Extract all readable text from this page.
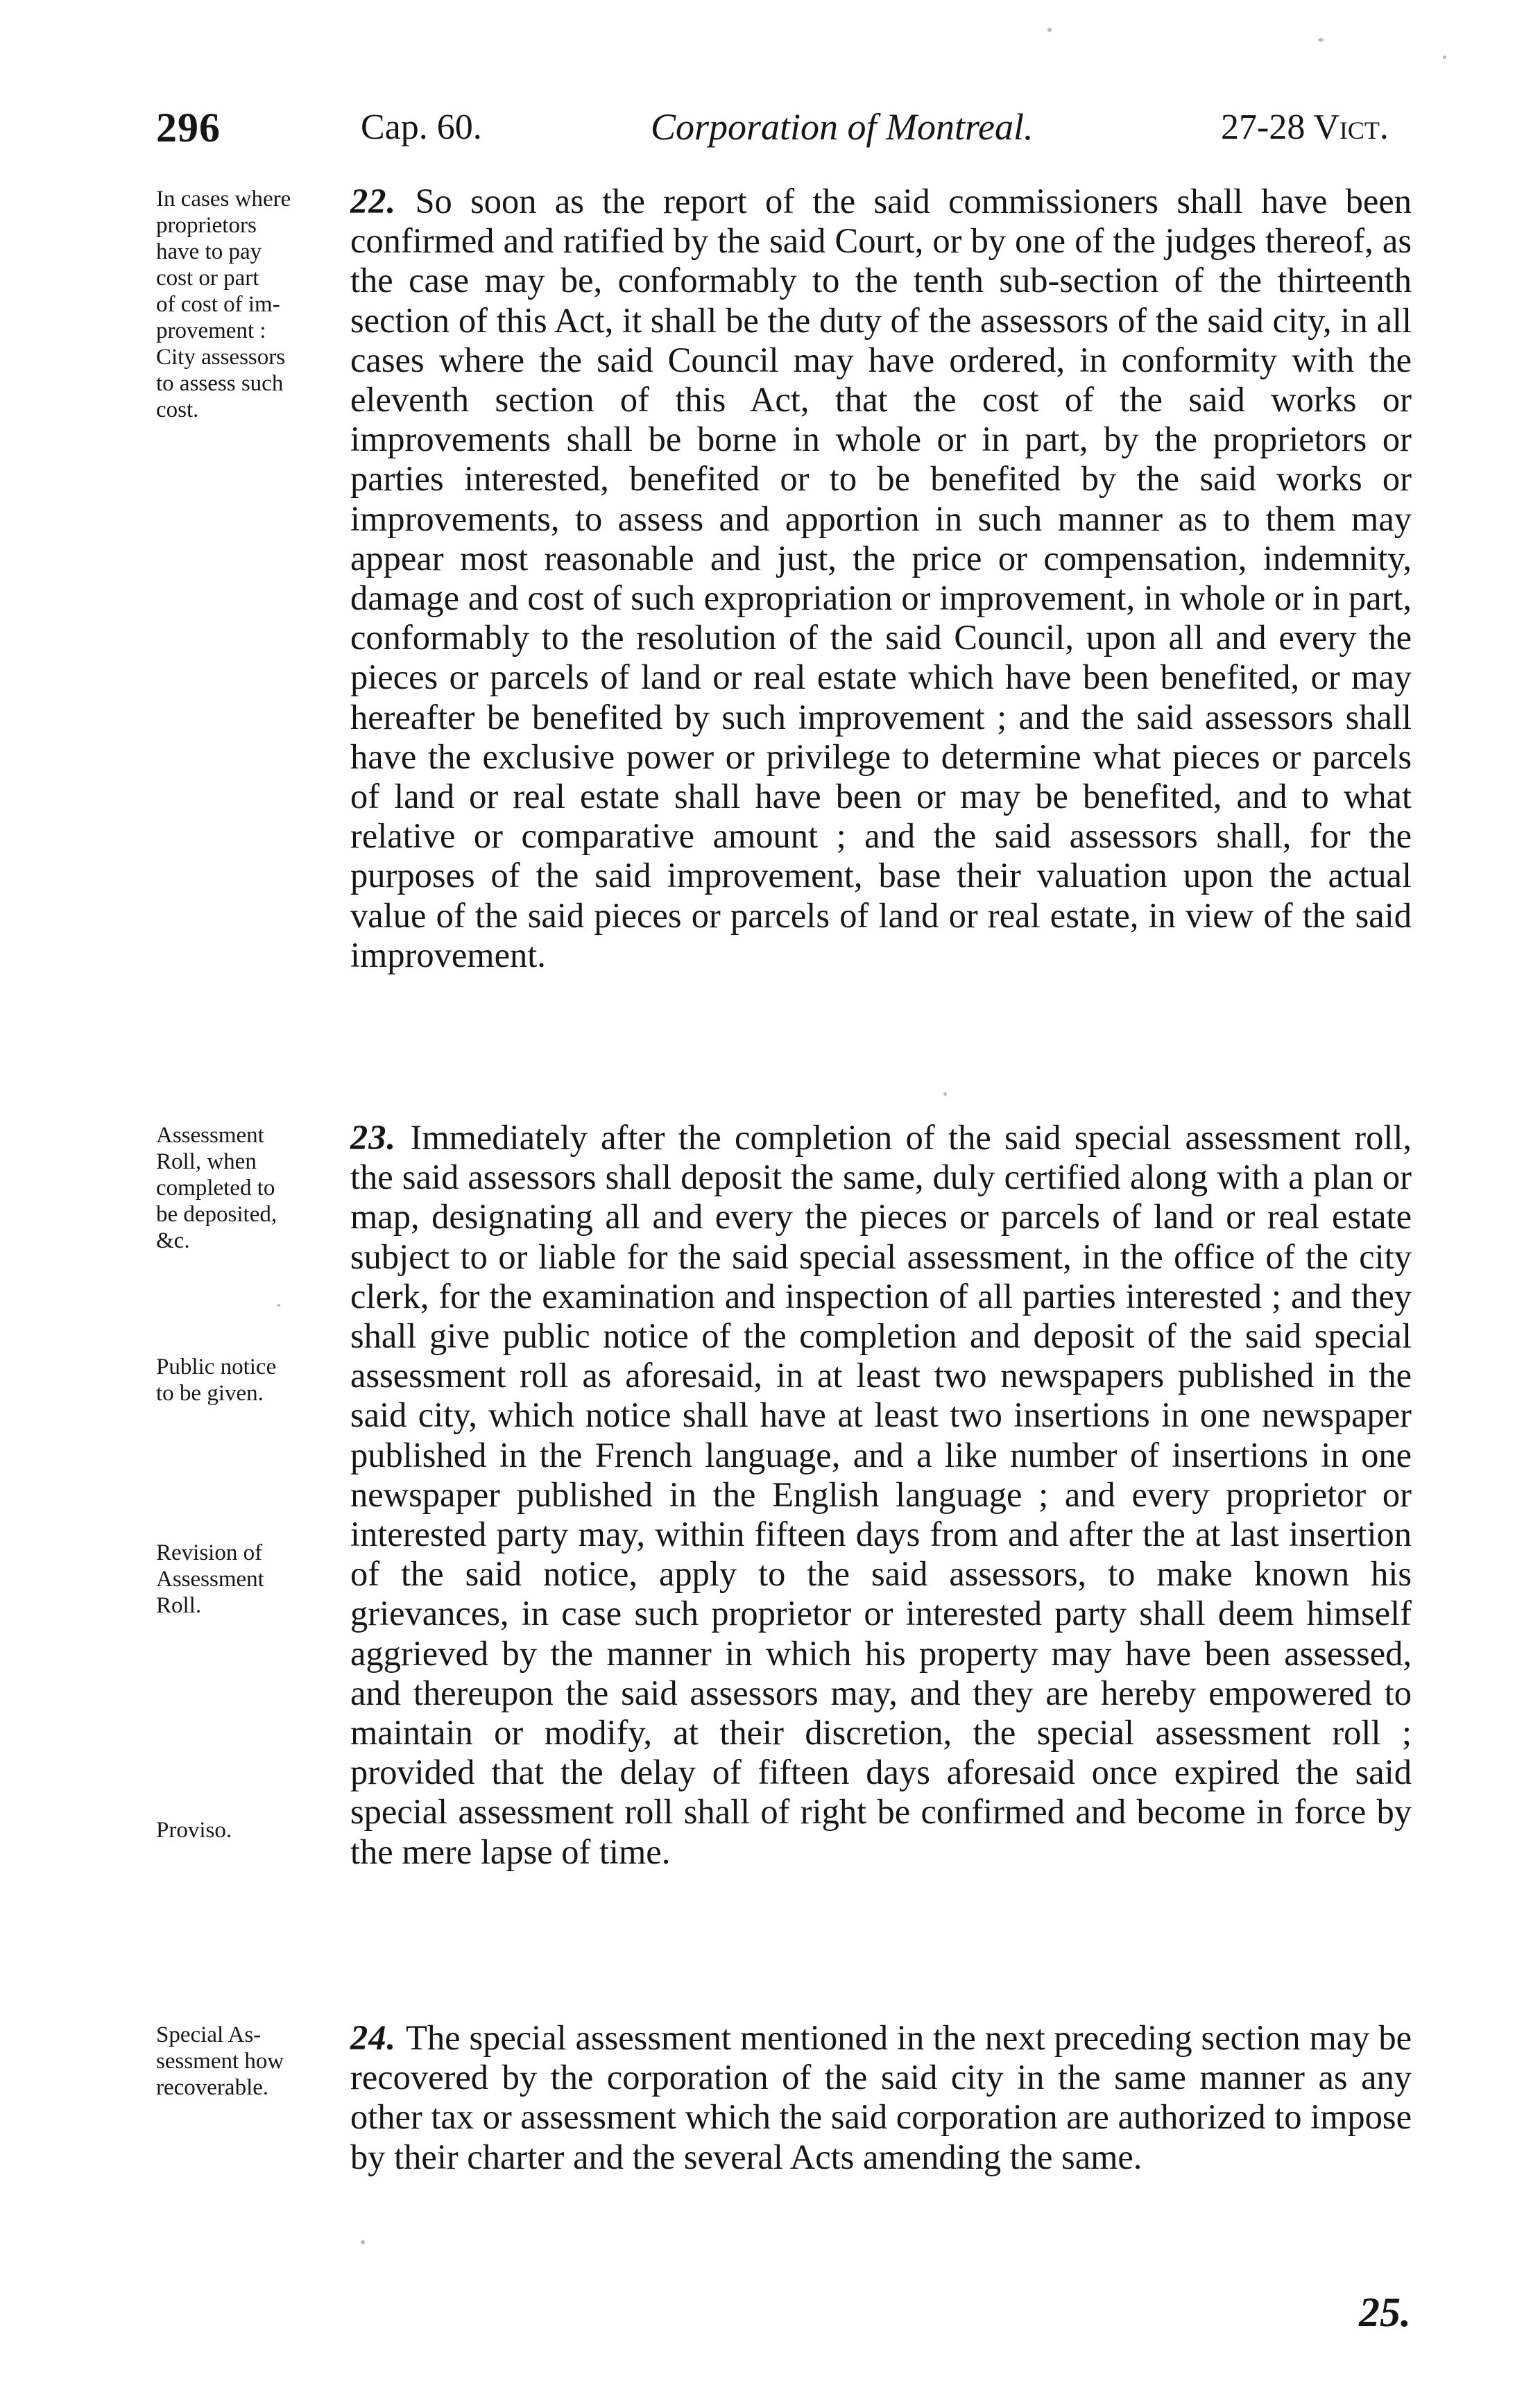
296	Cap. 60.	Corporation of Montreal.	27-28 Vict.
In cases where
proprietors
have to pay
cost or part
of cost of im-
provement :
City assessors
to assess such
cost.
Assessment
Roll, when
completed to
be deposited,
&c.
Public notice
to be given.
Revision of
Assessment
Roll.
Proviso.
Special As-
sessment how
recoverable.
22. So soon as the report of the said commissioners shall have been confirmed and ratified by the said Court, or by one of the judges thereof, as the case may be, conformably to the tenth sub-section of the thirteenth section of this Act, it shall be the duty of the assessors of the said city, in all cases where the said Council may have ordered, in conformity with the eleventh section of this Act, that the cost of the said works or improvements shall be borne in whole or in part, by the proprietors or parties interested, benefited or to be benefited by the said works or improvements, to assess and apportion in such manner as to them may appear most reasonable and just, the price or compensation, indemnity, damage and cost of such expropriation or improvement, in whole or in part, conformably to the resolution of the said Council, upon all and every the pieces or parcels of land or real estate which have been benefited, or may hereafter be benefited by such improvement ; and the said assessors shall have the exclusive power or privilege to determine what pieces or parcels of land or real estate shall have been or may be benefited, and to what relative or comparative amount ; and the said assessors shall, for the purposes of the said improvement, base their valuation upon the actual value of the said pieces or parcels of land or real estate, in view of the said improvement.
23. Immediately after the completion of the said special assessment roll, the said assessors shall deposit the same, duly certified along with a plan or map, designating all and every the pieces or parcels of land or real estate subject to or liable for the said special assessment, in the office of the city clerk, for the examination and inspection of all parties interested ; and they shall give public notice of the completion and deposit of the said special assessment roll as aforesaid, in at least two newspapers published in the said city, which notice shall have at least two insertions in one newspaper published in the French language, and a like number of insertions in one newspaper published in the English language ; and every proprietor or interested party may, within fifteen days from and after the at last insertion of the said notice, apply to the said assessors, to make known his grievances, in case such proprietor or interested party shall deem himself aggrieved by the manner in which his property may have been assessed, and thereupon the said assessors may, and they are hereby empowered to maintain or modify, at their discretion, the special assessment roll ; provided that the delay of fifteen days aforesaid once expired the said special assessment roll shall of right be confirmed and become in force by the mere lapse of time.
24. The special assessment mentioned in the next preceding section may be recovered by the corporation of the said city in the same manner as any other tax or assessment which the said corporation are authorized to impose by their charter and the several Acts amending the same.
25.
